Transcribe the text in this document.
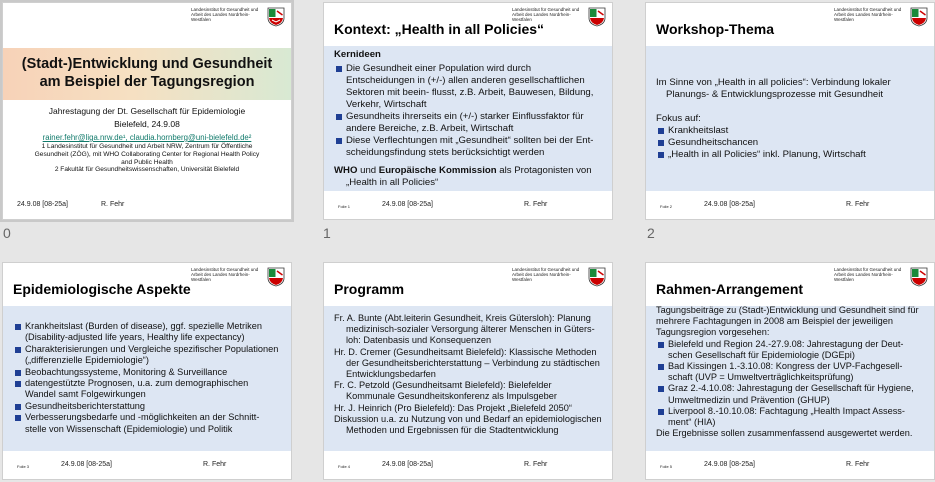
Landesinstitut für Gesundheit und Arbeit des Landes Nordrhein-Westfalen
(Stadt-)Entwicklung und Gesundheit
am Beispiel der Tagungsregion
Jahrestagung der Dt. Gesellschaft für Epidemiologie
Bielefeld, 24.9.08
rainer.fehr@liga.nrw.de¹, claudia.hornberg@uni-bielefeld.de²
1 Landesinstitut für Gesundheit und Arbeit NRW, Zentrum für Öffentliche
Gesundheit (ZÖG), mit WHO Collaborating Center for Regional Health Policy
and Public Health
2 Fakultät für Gesundheitswissenschaften, Universität Bielefeld
24.9.08 [08-25a]	R. Fehr
0
Landesinstitut für Gesundheit und Arbeit des Landes Nordrhein-Westfalen
Kontext: „Health in all Policies“
Kernideen
Die Gesundheit einer Population wird durch Entscheidungen in (+/-) allen anderen gesellschaftlichen Sektoren mit beein- flusst, z.B. Arbeit, Bauwesen, Bildung, Verkehr, Wirtschaft
Gesundheits ihrerseits ein (+/-) starker Einflussfaktor für andere Bereiche, z.B. Arbeit, Wirtschaft
Diese Verflechtungen mit „Gesundheit“ sollten bei der Ent- scheidungsfindung stets berücksichtigt werden
WHO und Europäische Kommission als Protagonisten von
„Health in all Policies“
Folie 1	24.9.08 [08-25a]	R. Fehr
1
Landesinstitut für Gesundheit und Arbeit des Landes Nordrhein-Westfalen
Workshop-Thema
Im Sinne von „Health in all policies“: Verbindung lokaler
Planungs- & Entwicklungsprozesse mit Gesundheit
Fokus auf:
Krankheitslast
Gesundheitschancen
„Health in all Policies“ inkl. Planung, Wirtschaft
Folie 2	24.9.08 [08-25a]	R. Fehr
2
Landesinstitut für Gesundheit und Arbeit des Landes Nordrhein-Westfalen
Epidemiologische Aspekte
Krankheitslast (Burden of disease), ggf. spezielle Metriken (Disability-adjusted life years, Healthy life expectancy)
Charakterisierungen und Vergleiche spezifischer Populationen („differenzielle Epidemiologie“)
Beobachtungssysteme, Monitoring & Surveillance
datengestützte Prognosen, u.a. zum demographischen Wandel samt Folgewirkungen
Gesundheitsberichterstattung
Verbesserungsbedarfe und -möglichkeiten an der Schnitt- stelle von Wissenschaft (Epidemiologie) und Politik
Folie 3	24.9.08 [08-25a]	R. Fehr
Landesinstitut für Gesundheit und Arbeit des Landes Nordrhein-Westfalen
Programm
Fr. A. Bunte (Abt.leiterin Gesundheit, Kreis Gütersloh): Planung medizinisch-sozialer Versorgung älterer Menschen in Güters- loh: Datenbasis und Konsequenzen
Hr. D. Cremer (Gesundheitsamt Bielefeld): Klassische Methoden der Gesundheitsberichterstattung – Verbindung zu städtischen Entwicklungsbedarfen
Fr. C. Petzold (Gesundheitsamt Bielefeld): Bielefelder Kommunale Gesundheitskonferenz als Impulsgeber
Hr. J. Heinrich (Pro Bielefeld): Das Projekt „Bielefeld 2050“
Diskussion u.a. zu Nutzung von und Bedarf an epidemiologischen Methoden und Ergebnissen für die Stadtentwicklung
Folie 4	24.9.08 [08-25a]	R. Fehr
Landesinstitut für Gesundheit und Arbeit des Landes Nordrhein-Westfalen
Rahmen-Arrangement
Tagungsbeiträge zu (Stadt-)Entwicklung und Gesundheit sind für mehrere Fachtagungen in 2008 am Beispiel der jeweiligen Tagungsregion vorgesehen:
Bielefeld und Region 24.-27.9.08: Jahrestagung der Deut- schen Gesellschaft für Epidemiologie (DGEpi)
Bad Kissingen 1.-3.10.08: Kongress der UVP-Fachgesell- schaft (UVP = Umweltverträglichkeitsprüfung)
Graz 2.-4.10.08: Jahrestagung der Gesellschaft für Hygiene, Umweltmedizin und Prävention (GHUP)
Liverpool 8.-10.10.08: Fachtagung „Health Impact Assess- ment“ (HIA)
Die Ergebnisse sollen zusammenfassend ausgewertet werden.
Folie 5	24.9.08 [08-25a]	R. Fehr
